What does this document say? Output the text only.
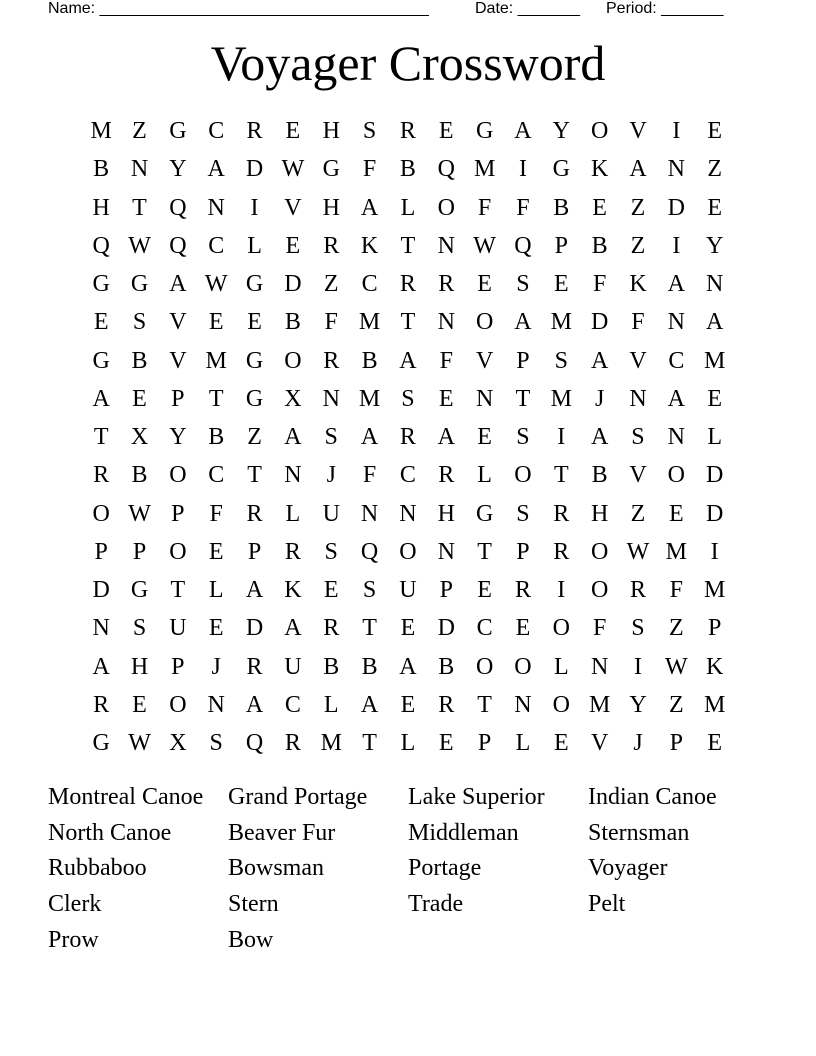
Name: _____________________________________	Date: _______ Period: _______
Voyager Crossword
M Z G C R E H S R E G A Y O V	I	E
B N Y A D W G F B Q M I	G K A N Z
H T Q N	I	V H A L O F	F B E Z D E
Q W Q C L E R K T N W Q P B Z	I	Y
G G A W G D Z C R R E	S	E	F K A N
E	S V E E B F M T N O A M D F N A
G B V M G O R B A F V P	S A V C M
A E	P	T G X N M S	E N T M J	N A E
T X Y B Z A S A R A E	S	I	A S N L
R B O C T N	J	F C R L O T B V O D
O W P	F R L U N N H G S R H Z E D
P	P O E	P R S Q O N T	P R O W M I
D G T L A K E	S U P	E R	I	O R F M
N S U E D A R T E D C E O F	S	Z	P
A H P	J	R U B B A B O O L N	I W K
R E O N A C L A E R T N O M Y Z M
G W X S Q R M T L E	P	L E V	J	P	E
Montreal Canoe	Grand Portage	Lake Superior	Indian Canoe
North Canoe	Beaver Fur	Middleman	Sternsman
Rubbaboo	Bowsman	Portage	Voyager
Clerk	Stern	Trade	Pelt
Prow	Bow
